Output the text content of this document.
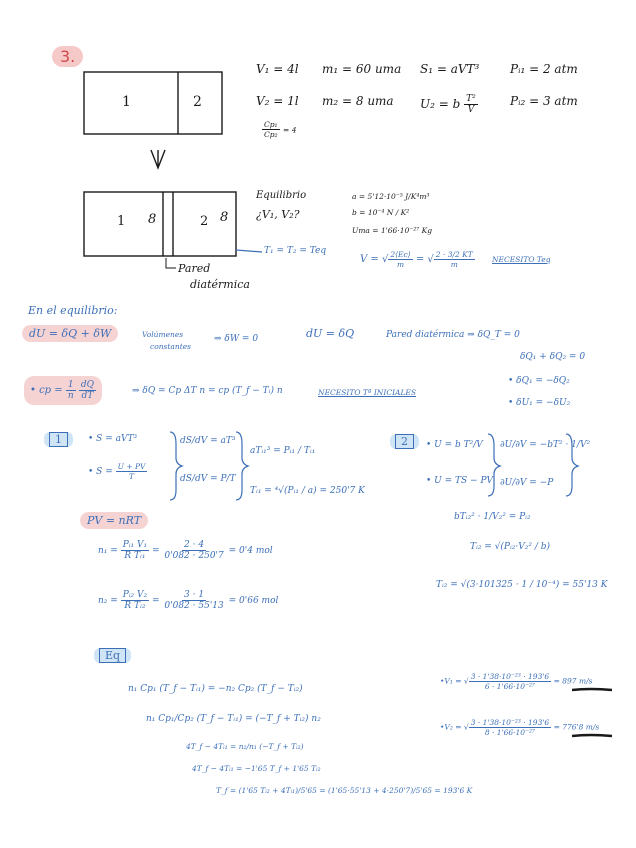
3.
1	2
1 8	2 8
Pared
diatérmica
T₁ = T₂ = Teq
V₁ = 4l m₁ = 60 uma S₁ = aVT³	Pᵢ₁ = 2 atm
V₂ = 1l m₂ = 8 uma U₂ = b $\frac{\text{T²}}{V}$	Pᵢ₂ = 3 atm
$\frac{\text{Cp₁}}{\text{Cp₂}} = 4$
Equilibrio
¿V₁, V₂?
a = 5'12·10⁻⁵ J/K⁴m³
b = 10⁻⁴ N / K²
Uma = 1'66·10⁻²⁷ Kg
V = √ $\frac{2⟨Ec⟩}{m}$ = √ $\frac{2 \cdot 3/2 KT}{m}$ NECESITO Teq
En el equilibrio:
dU = δQ + δW	Volúmenes
constantes
⇒ δW = 0	dU = δQ	Pared diatérmica ⇒ δQ_T = 0
δQ₁ + δQ₂ = 0
• cp = $\frac{1}{n}$
$\frac{dQ}{dT}$	⇒ δQ = Cp ΔT n = cp (T_f − Tᵢ) n	NECESITO Tª INICIALES
• δQ₁ = −δQ₂
• δU₁ = −δU₂
1	• S = aVT³
• $S = \frac{U + PV}{T}$
dS/dV = aT³
dS/dV = P/T
aTᵢ₁³ = Pᵢ₁ / Tᵢ₁
Tᵢ₁ = ⁴√(Pᵢ₁ / a) = 250'7 K
2	• U = b T²/V
• U = TS − PV
∂U/∂V = −bT² · 1/V²
∂U/∂V = −P
bTᵢ₂² · 1/V₂² = Pᵢ₂
Tᵢ₂ = √(Pᵢ₂·V₂² / b)
Tᵢ₂ = √(3·101325 · 1 / 10⁻⁴) = 55'13 K
PV = nRT
$n_1 = \frac{\text{Pᵢ₁ V₁}}{\text{R Tᵢ₁}} = \frac{2 \cdot 4}{0'082 \cdot 250'7} = 0'4$ mol
$n_2 = \frac{\text{Pᵢ₂ V₂}}{\text{R Tᵢ₂}} = \frac{3 \cdot 1}{0'082 \cdot 55'13} = 0'66$ mol
Eq
n₁ Cp₁ (T_f − Tᵢ₁) = −n₂ Cp₂ (T_f − Tᵢ₂)
n₁ Cp₁/Cp₂ (T_f − Tᵢ₁) = (−T_f + Tᵢ₂) n₂
4T_f − 4Tᵢ₁ = n₂/n₁ (−T_f + Tᵢ₂)
4T_f − 4Tᵢ₁ = −1'65 T_f + 1'65 Tᵢ₂
T_f = (1'65 Tᵢ₂ + 4Tᵢ₁)/5'65 = (1'65·55'13 + 4·250'7)/5'65 = 193'6 K
•V₁ = √ $\frac{\text{3 · 1'38·10⁻²³ · 193'6}}{\text{6 · 1'66·10⁻²⁷}} = 897$ m/s
•V₂ = √ $\frac{\text{3 · 1'38·10⁻²³ · 193'6}}{\text{8 · 1'66·10⁻²⁷}} = 776'8$ m/s
